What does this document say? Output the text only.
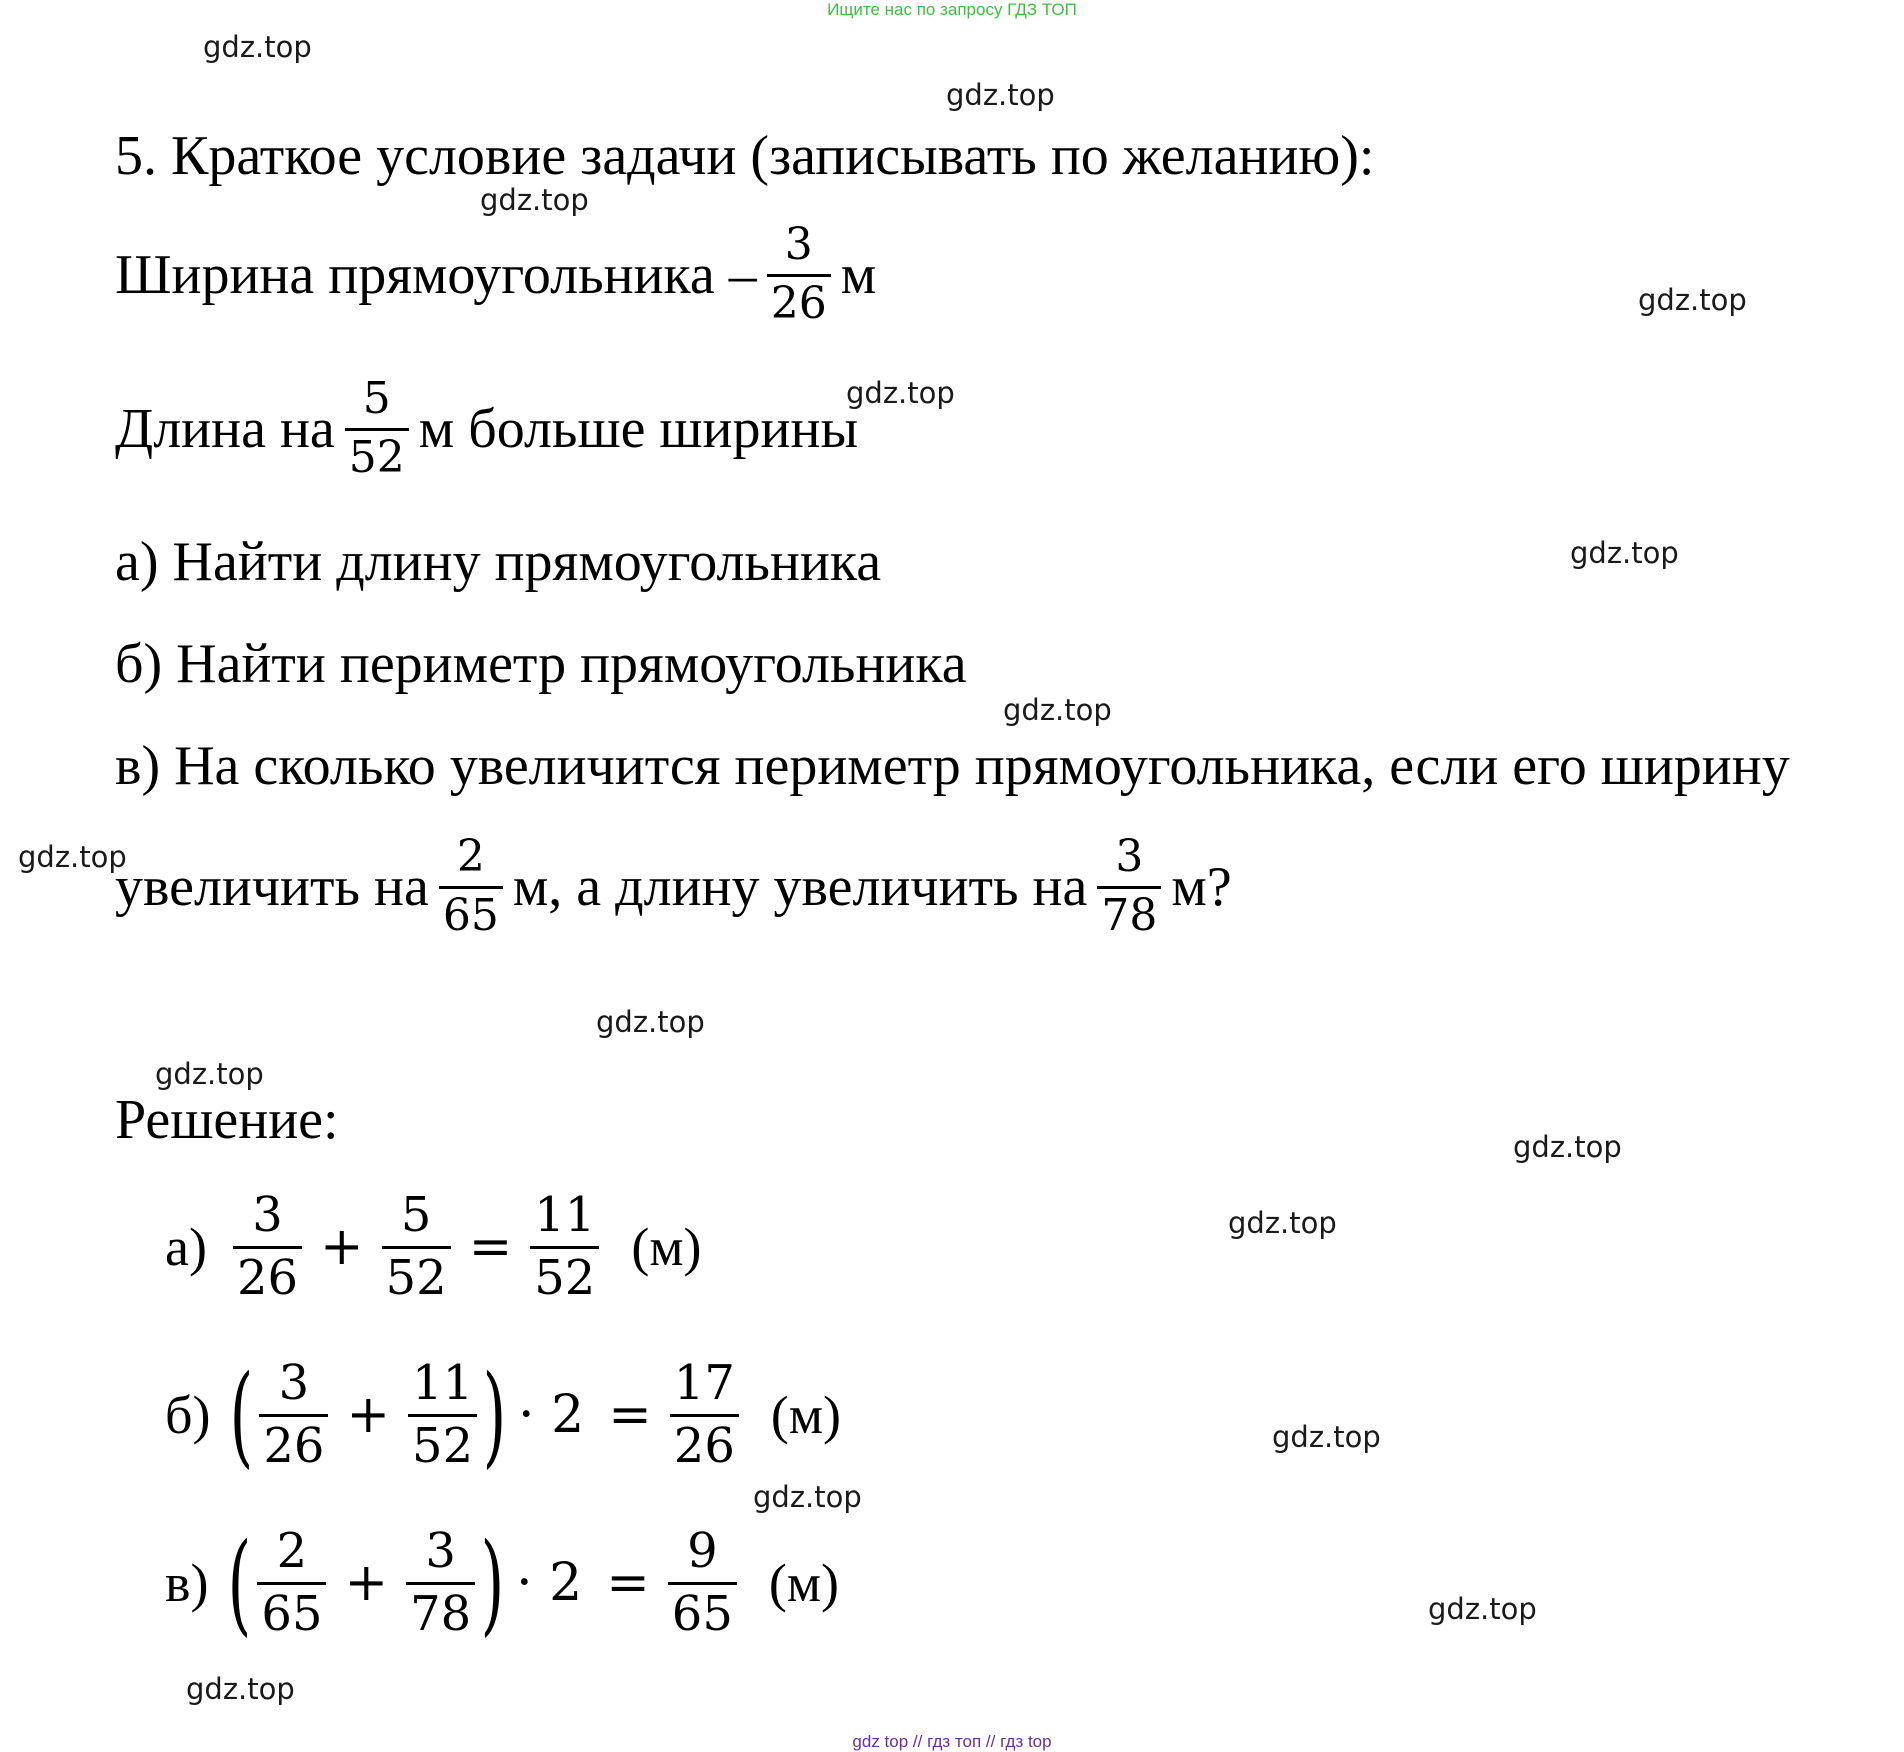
Ищите нас по запросу ГДЗ ТОП
gdz.top
gdz.top
gdz.top
gdz.top
gdz.top
gdz.top
gdz.top
gdz.top
gdz.top
gdz.top
gdz.top
gdz.top
gdz.top
gdz.top
gdz.top
gdz.top
5. Краткое условие задачи (записывать по желанию):
Ширина прямоугольника – $\frac{3}{26}$ м
Длина на $\frac{5}{52}$ м больше ширины
а) Найти длину прямоугольника
б) Найти периметр прямоугольника
в) На сколько увеличится периметр прямоугольника, если его ширину
увеличить на $\frac{2}{65} м$, а длину увеличить на $\frac{3}{78} м$?
Решение:
$а) \frac{3}{26} + \frac{5}{52} = \frac{11}{52} (м)$
б) ( $\frac{3}{26} + \frac{11}{52}$ ) · $2 = \frac{17}{26} (м)$
в) ( $\frac{2}{65} + \frac{3}{78}$ ) · $2 = \frac{9}{65} (м)$
gdz top // гдз топ // гдз top
